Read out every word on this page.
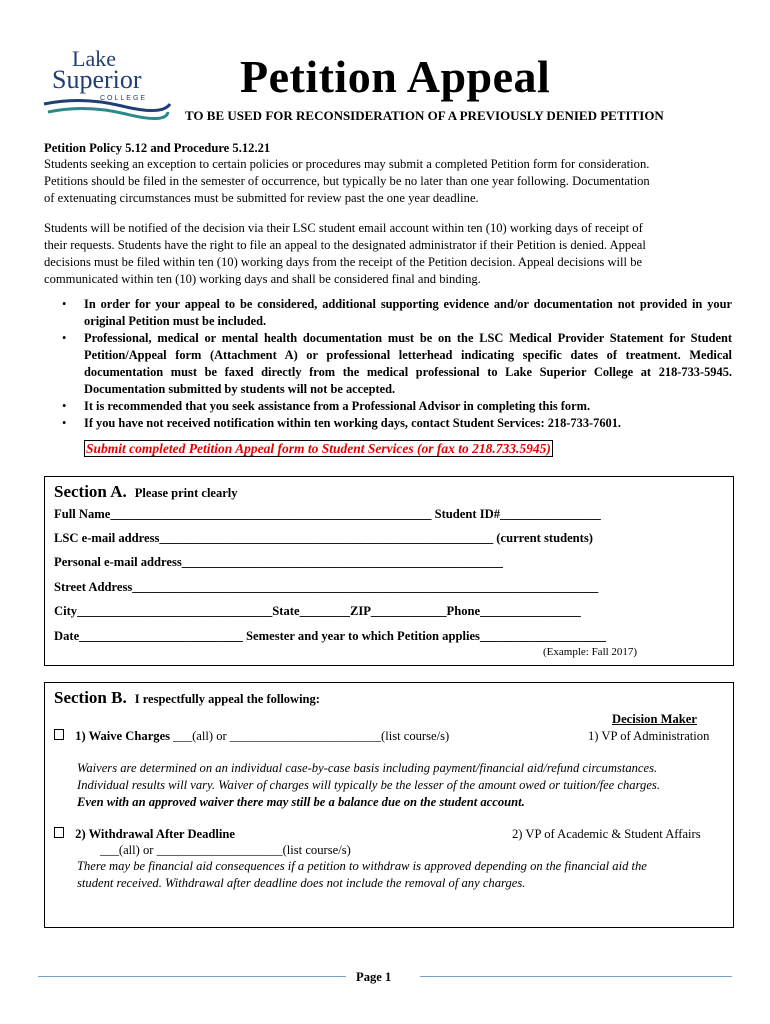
Lake
Superior
COLLEGE Petition Appeal
TO BE USED FOR RECONSIDERATION OF A PREVIOUSLY DENIED PETITION
Petition Policy 5.12 and Procedure 5.12.21
Students seeking an exception to certain policies or procedures may submit a completed Petition form for consideration.
Petitions should be filed in the semester of occurrence, but typically be no later than one year following. Documentation
of extenuating circumstances must be submitted for review past the one year deadline.
Students will be notified of the decision via their LSC student email account within ten (10) working days of receipt of
their requests. Students have the right to file an appeal to the designated administrator if their Petition is denied. Appeal
decisions must be filed within ten (10) working days from the receipt of the Petition decision. Appeal decisions will be
communicated within ten (10) working days and shall be considered final and binding.
• In order for your appeal to be considered, additional supporting evidence and/or documentation not provided in your original Petition must be included.
• Professional, medical or mental health documentation must be on the LSC Medical Provider Statement for Student Petition/Appeal form (Attachment A) or professional letterhead indicating specific dates of treatment. Medical documentation must be faxed directly from the medical professional to Lake Superior College at 218-733-5945. Documentation submitted by students will not be accepted.
• It is recommended that you seek assistance from a Professional Advisor in completing this form.
• If you have not received notification within ten working days, contact Student Services: 218-733-7601.
Submit completed Petition Appeal form to Student Services (or fax to 218.733.5945)
Section A. Please print clearly
Full Name___________________________________________________ Student ID#________________
LSC e-mail address_____________________________________________________ (current students)
Personal e-mail address___________________________________________________
Street Address__________________________________________________________________________
City_______________________________State________ZIP____________Phone________________
Date__________________________ Semester and year to which Petition applies____________________
(Example: Fall 2017)
Section B. I respectfully appeal the following:
Decision Maker
1) Waive Charges ___(all) or ________________________(list course/s)	1) VP of Administration
Waivers are determined on an individual case-by-case basis including payment/financial aid/refund circumstances.
Individual results will vary. Waiver of charges will typically be the lesser of the amount owed or tuition/fee charges.
Even with an approved waiver there may still be a balance due on the student account.
2) Withdrawal After Deadline	2) VP of Academic & Student Affairs
___(all) or ____________________(list course/s)
There may be financial aid consequences if a petition to withdraw is approved depending on the financial aid the
student received. Withdrawal after deadline does not include the removal of any charges.
Page 1
